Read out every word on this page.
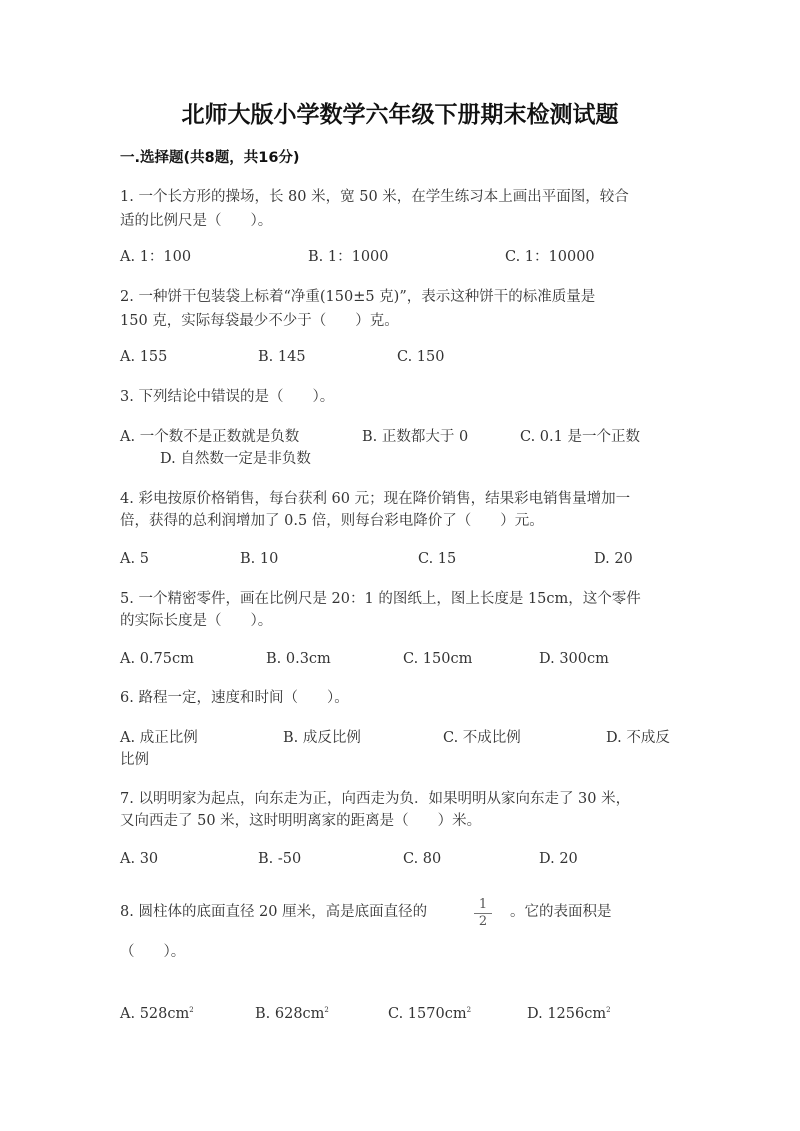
北师大版小学数学六年级下册期末检测试题
一.选择题(共8题，共16分)
1. 一个长方形的操场，长 80 米，宽 50 米，在学生练习本上画出平面图，较合
适的比例尺是（　　）。
A. 1：100	B. 1：1000	C. 1：10000
2. 一种饼干包装袋上标着“净重(150±5 克)”，表示这种饼干的标准质量是
150 克，实际每袋最少不少于（　　）克。
A. 155	B. 145	C. 150
3. 下列结论中错误的是（　　）。
A. 一个数不是正数就是负数	B. 正数都大于 0	C. 0.1 是一个正数
D. 自然数一定是非负数
4. 彩电按原价格销售，每台获利 60 元；现在降价销售，结果彩电销售量增加一
倍，获得的总利润增加了 0.5 倍，则每台彩电降价了（　　）元。
A. 5	B. 10	C. 15	D. 20
5. 一个精密零件，画在比例尺是 20：1 的图纸上，图上长度是 15cm，这个零件
的实际长度是（　　）。
A. 0.75cm	B. 0.3cm	C. 150cm	D. 300cm
6. 路程一定，速度和时间（　　）。
A. 成正比例	B. 成反比例	C. 不成比例	D. 不成反
比例
7. 以明明家为起点，向东走为正，向西走为负．如果明明从家向东走了 30 米，
又向西走了 50 米，这时明明离家的距离是（　　）米。
A. 30	B. -50	C. 80	D. 20
8. 圆柱体的底面直径 20 厘米，高是底面直径的	1
2
。它的表面积是
（　　）。
A. $528cm^2$	B. $628cm^2$	C. $1570cm^2$	D. $1256cm^2$
